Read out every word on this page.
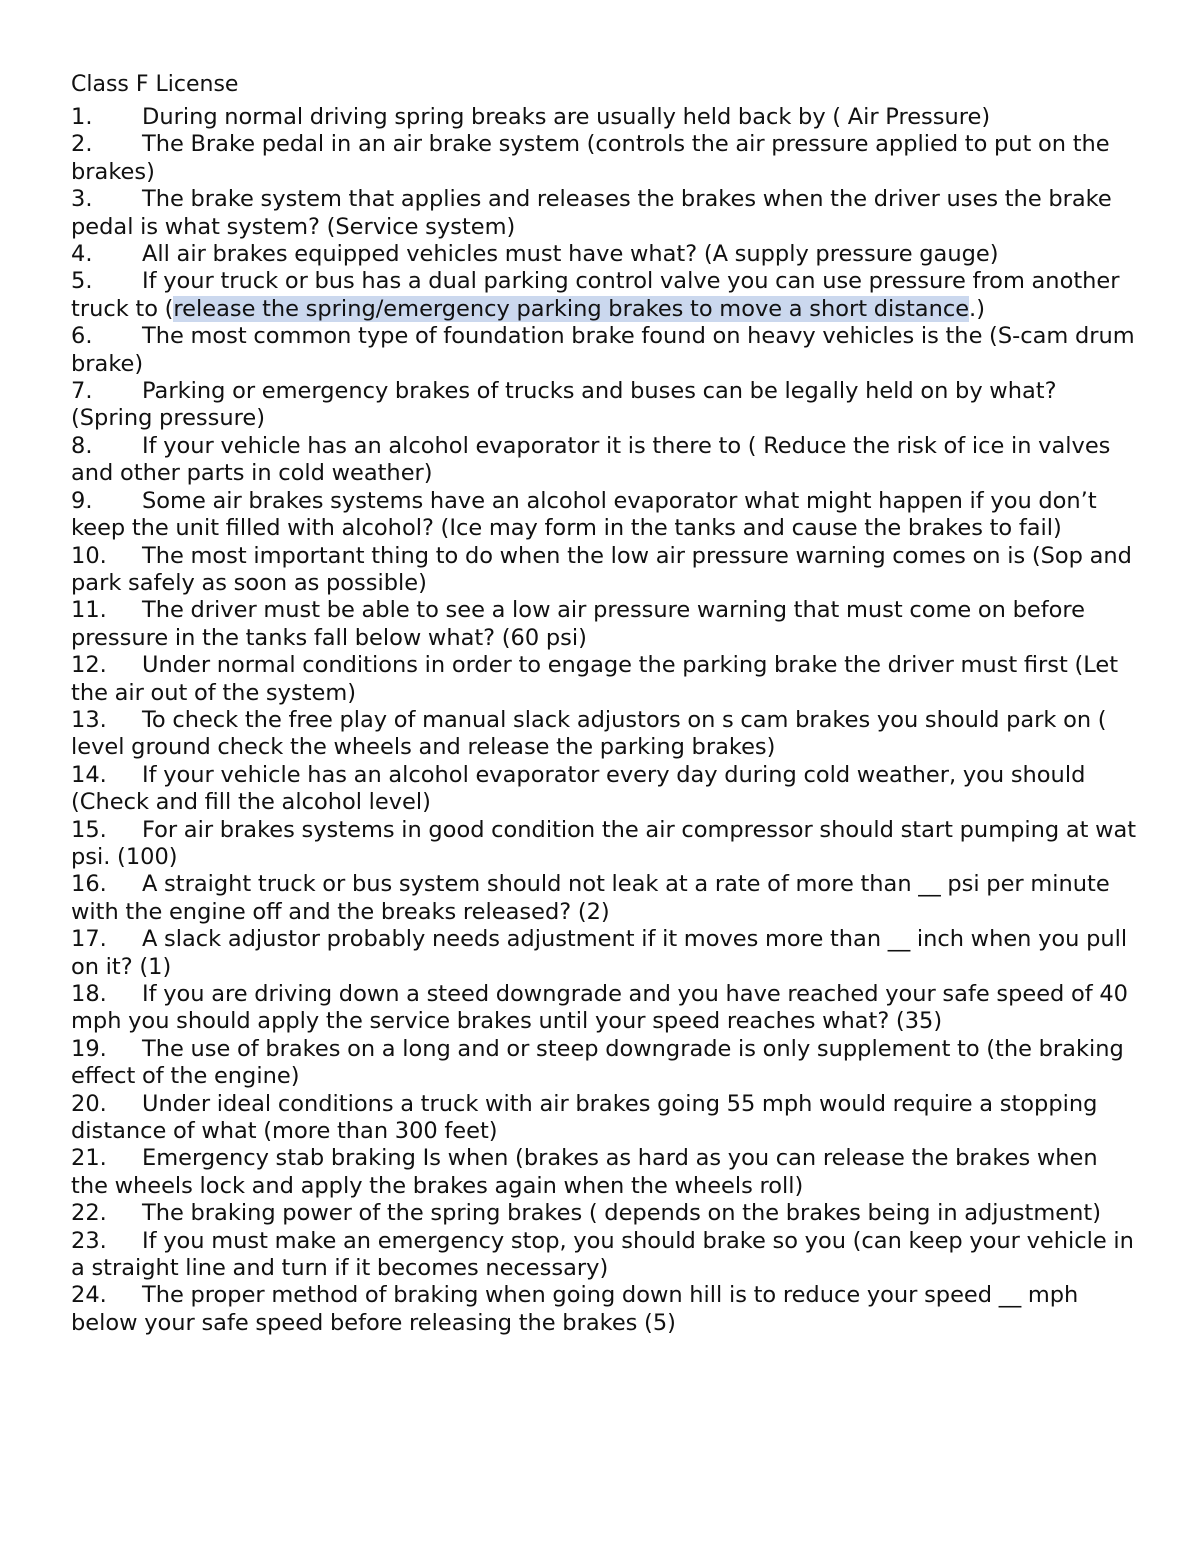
Class F License
1. During normal driving spring breaks are usually held back by ( Air Pressure)
2. The Brake pedal in an air brake system (controls the air pressure applied to put on the brakes)
3. The brake system that applies and releases the brakes when the driver uses the brake pedal is what system? (Service system)
4. All air brakes equipped vehicles must have what? (A supply pressure gauge)
5. If your truck or bus has a dual parking control valve you can use pressure from another truck to (release the spring/emergency parking brakes to move a short distance.)
6. The most common type of foundation brake found on heavy vehicles is the (S-cam drum brake)
7. Parking or emergency brakes of trucks and buses can be legally held on by what? (Spring pressure)
8. If your vehicle has an alcohol evaporator it is there to ( Reduce the risk of ice in valves and other parts in cold weather)
9. Some air brakes systems have an alcohol evaporator what might happen if you don’t keep the unit filled with alcohol? (Ice may form in the tanks and cause the brakes to fail)
10. The most important thing to do when the low air pressure warning comes on is (Sop and park safely as soon as possible)
11. The driver must be able to see a low air pressure warning that must come on before pressure in the tanks fall below what? (60 psi)
12. Under normal conditions in order to engage the parking brake the driver must first (Let the air out of the system)
13. To check the free play of manual slack adjustors on s cam brakes you should park on ( level ground check the wheels and release the parking brakes)
14. If your vehicle has an alcohol evaporator every day during cold weather, you should (Check and fill the alcohol level)
15. For air brakes systems in good condition the air compressor should start pumping at wat psi. (100)
16. A straight truck or bus system should not leak at a rate of more than __ psi per minute with the engine off and the breaks released? (2)
17. A slack adjustor probably needs adjustment if it moves more than __ inch when you pull on it? (1)
18. If you are driving down a steed downgrade and you have reached your safe speed of 40 mph you should apply the service brakes until your speed reaches what? (35)
19. The use of brakes on a long and or steep downgrade is only supplement to (the braking effect of the engine)
20. Under ideal conditions a truck with air brakes going 55 mph would require a stopping distance of what (more than 300 feet)
21. Emergency stab braking Is when (brakes as hard as you can release the brakes when the wheels lock and apply the brakes again when the wheels roll)
22. The braking power of the spring brakes ( depends on the brakes being in adjustment)
23. If you must make an emergency stop, you should brake so you (can keep your vehicle in a straight line and turn if it becomes necessary)
24. The proper method of braking when going down hill is to reduce your speed __ mph below your safe speed before releasing the brakes (5)
